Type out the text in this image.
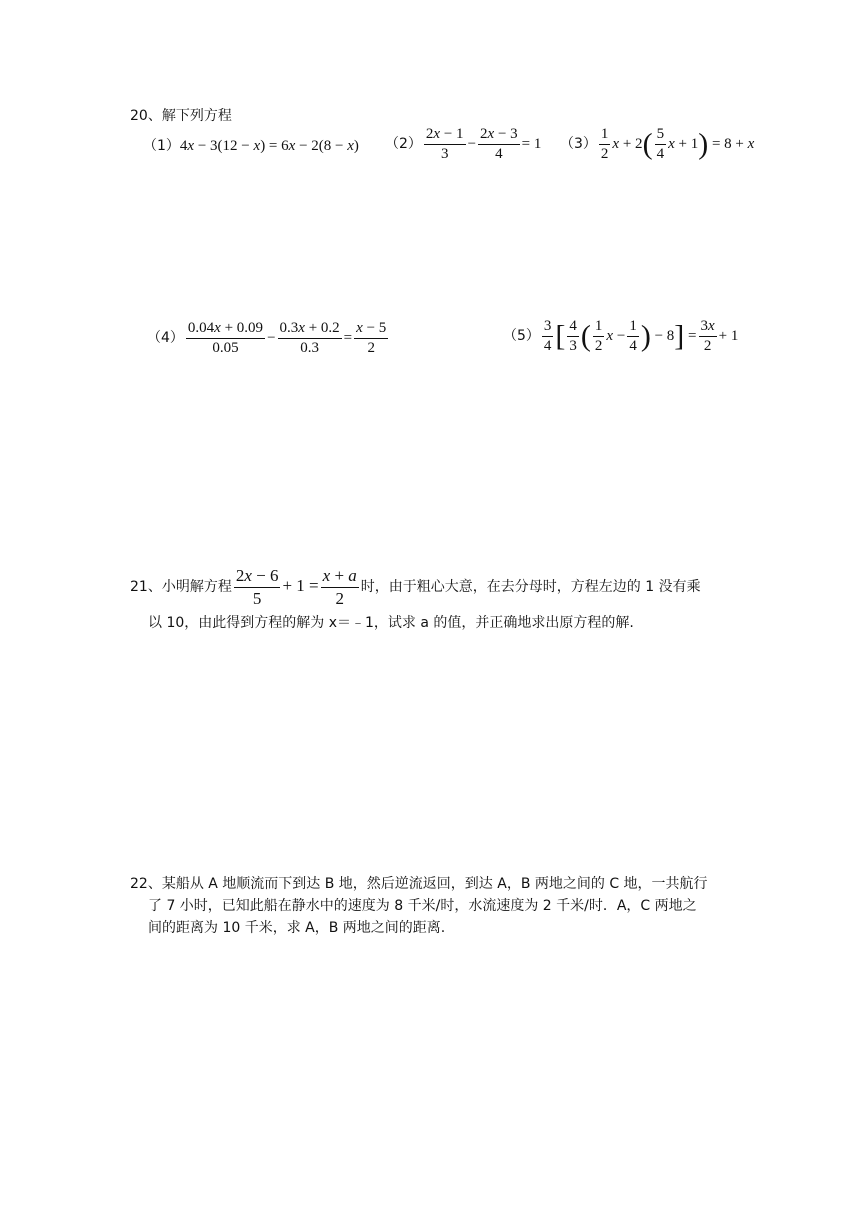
20、解下列方程
（1）4x − 3(12 − x) = 6x − 2(8 − x) $(2) \frac{2x - 1}{3} - \frac{2x - 3}{4} = 1$ $(3) \frac{1}{2}$ $x + 2( \frac{5}{4}$ x + 1) = 8 + x
$(4) \frac{0.04x + 0.09}{0.05} - \frac{0.3x + 0.2}{0.3} = \frac{x - 5}{2}$	$(5) \frac{3}{4}$ [ $\frac{4}{3}$ ( $\frac{1}{2}$ $x - \frac{1}{4}$ ) − $8] = \frac{3x}{2} + 1$
21、小明解方程 $\frac{2x - 6}{5} + 1 = \frac{x + a}{2}$ 时，由于粗心大意，在去分母时，方程左边的 1 没有乘
以 10，由此得到方程的解为 x＝﹣1，试求 a 的值，并正确地求出原方程的解.
22、某船从 A 地顺流而下到达 B 地，然后逆流返回，到达 A，B 两地之间的 C 地，一共航行
了 7 小时，已知此船在静水中的速度为 8 千米/时，水流速度为 2 千米/时．A，C 两地之
间的距离为 10 千米，求 A，B 两地之间的距离.
